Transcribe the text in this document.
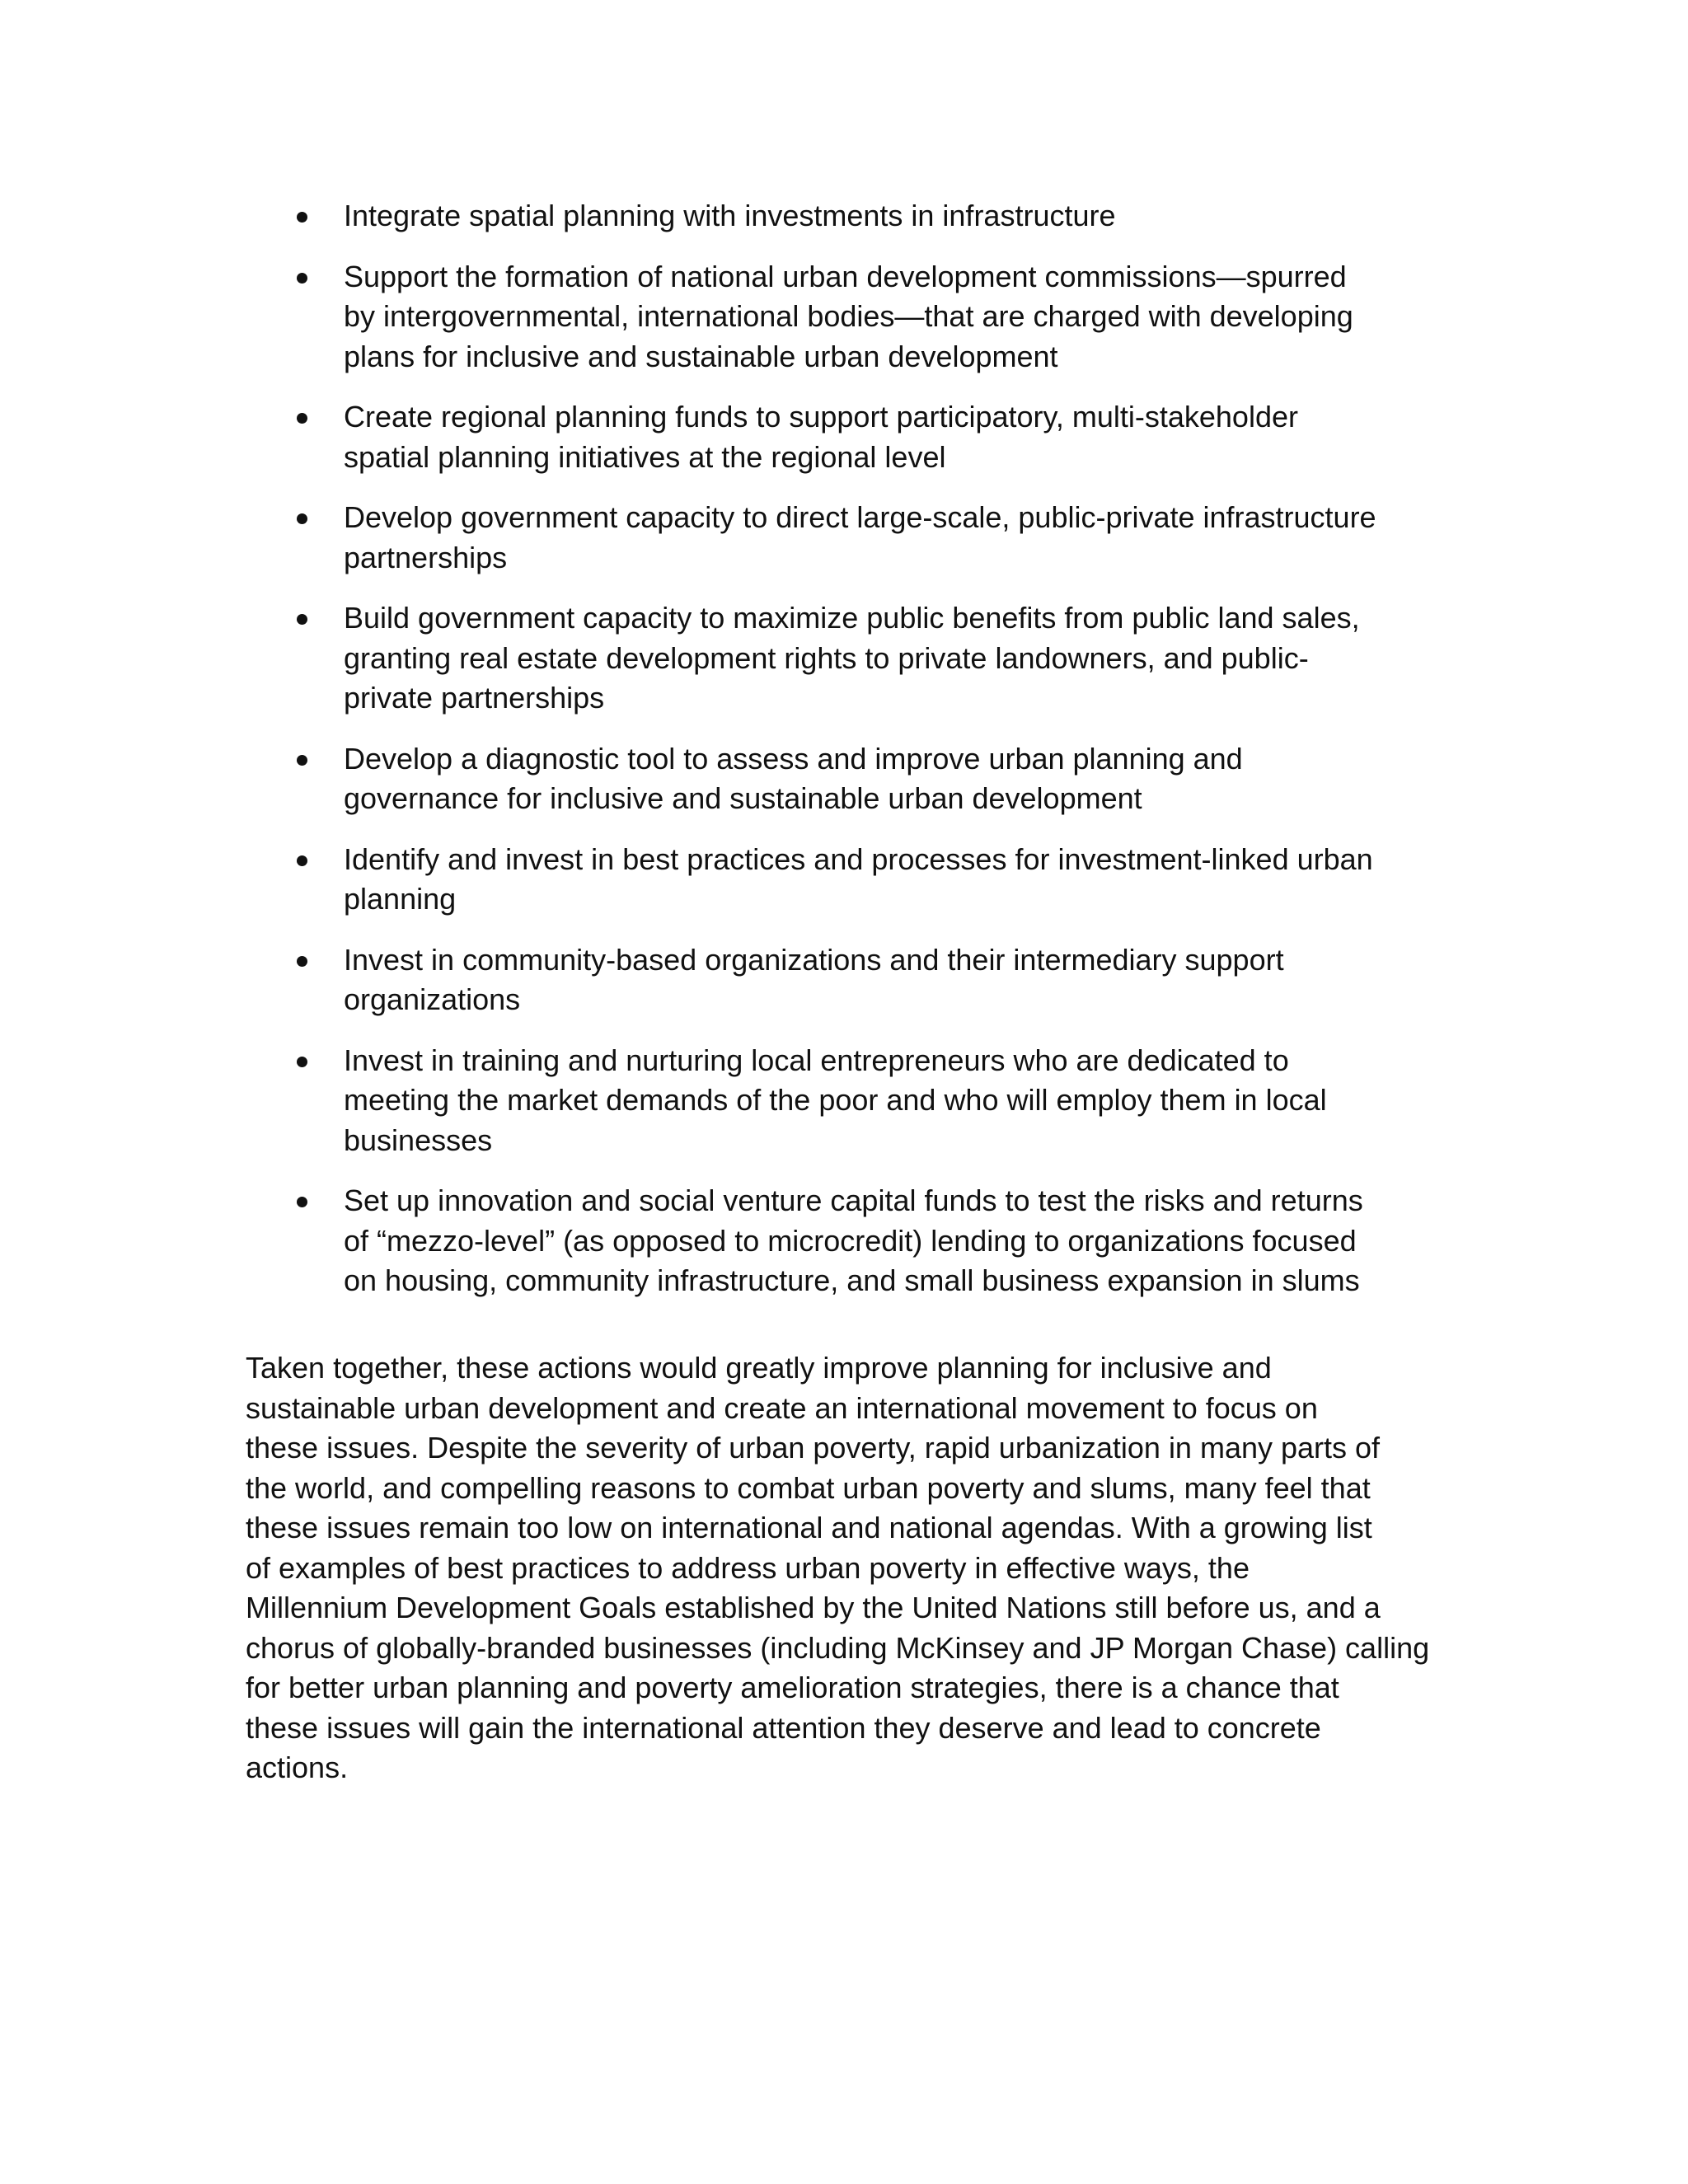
Integrate spatial planning with investments in infrastructure
Support the formation of national urban development commissions—spurred
by intergovernmental, international bodies—that are charged with developing
plans for inclusive and sustainable urban development
Create regional planning funds to support participatory, multi-stakeholder
spatial planning initiatives at the regional level
Develop government capacity to direct large-scale, public-private infrastructure
partnerships
Build government capacity to maximize public benefits from public land sales,
granting real estate development rights to private landowners, and public-
private partnerships
Develop a diagnostic tool to assess and improve urban planning and
governance for inclusive and sustainable urban development
Identify and invest in best practices and processes for investment-linked urban
planning
Invest in community-based organizations and their intermediary support
organizations
Invest in training and nurturing local entrepreneurs who are dedicated to
meeting the market demands of the poor and who will employ them in local
businesses
Set up innovation and social venture capital funds to test the risks and returns
of “mezzo-level” (as opposed to microcredit) lending to organizations focused
on housing, community infrastructure, and small business expansion in slums

Taken together, these actions would greatly improve planning for inclusive and
sustainable urban development and create an international movement to focus on
these issues. Despite the severity of urban poverty, rapid urbanization in many parts of
the world, and compelling reasons to combat urban poverty and slums, many feel that
these issues remain too low on international and national agendas. With a growing list
of examples of best practices to address urban poverty in effective ways, the
Millennium Development Goals established by the United Nations still before us, and a
chorus of globally-branded businesses (including McKinsey and JP Morgan Chase) calling
for better urban planning and poverty amelioration strategies, there is a chance that
these issues will gain the international attention they deserve and lead to concrete
actions.
